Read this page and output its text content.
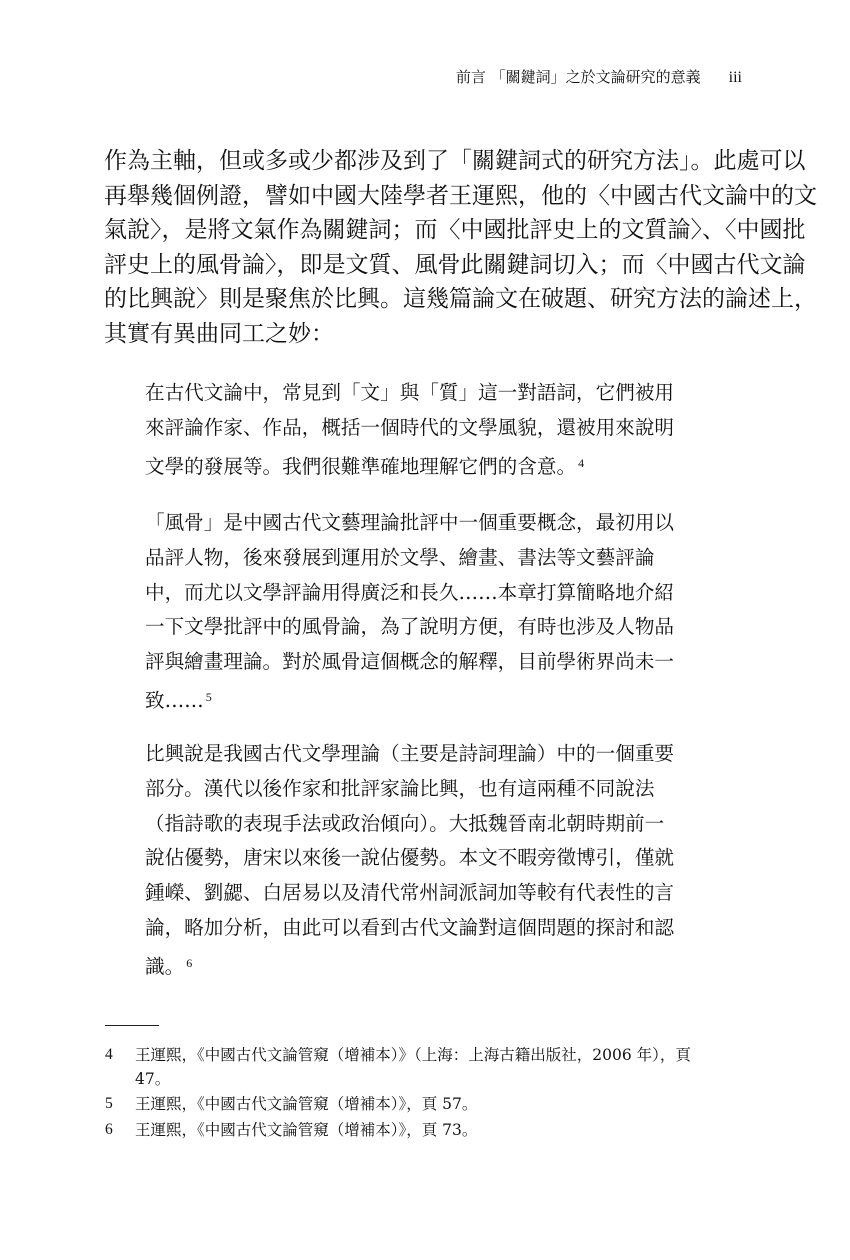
前言 「關鍵詞」之於文論研究的意義 iii
作為主軸，但或多或少都涉及到了「關鍵詞式的研究方法」。此處可以
再舉幾個例證，譬如中國大陸學者王運熙，他的〈中國古代文論中的文
氣說〉，是將文氣作為關鍵詞；而〈中國批評史上的文質論〉、〈中國批
評史上的風骨論〉，即是文質、風骨此關鍵詞切入；而〈中國古代文論
的比興說〉則是聚焦於比興。這幾篇論文在破題、研究方法的論述上，
其實有異曲同工之妙：
在古代文論中，常見到「文」與「質」這一對語詞，它們被用
來評論作家、作品，概括一個時代的文學風貌，還被用來說明
文學的發展等。我們很難準確地理解它們的含意。 $^4$
「風骨」是中國古代文藝理論批評中一個重要概念，最初用以
品評人物，後來發展到運用於文學、繪畫、書法等文藝評論
中，而尤以文學評論用得廣泛和長久……本章打算簡略地介紹
一下文學批評中的風骨論，為了說明方便，有時也涉及人物品
評與繪畫理論。對於風骨這個概念的解釋，目前學術界尚未一
致…… $^5$
比興說是我國古代文學理論（主要是詩詞理論）中的一個重要
部分。漢代以後作家和批評家論比興，也有這兩種不同說法
（指詩歌的表現手法或政治傾向）。大抵魏晉南北朝時期前一
說佔優勢，唐宋以來後一說佔優勢。本文不暇旁徵博引，僅就
鍾嶸、劉勰、白居易以及清代常州詞派詞加等較有代表性的言
論，略加分析，由此可以看到古代文論對這個問題的探討和認
識。 $^6$
4 王運熙，《中國古代文論管窺（增補本）》（上海：上海古籍出版社，2006 年），頁
47。
5 王運熙，《中國古代文論管窺（增補本）》，頁 57。
6 王運熙，《中國古代文論管窺（增補本）》，頁 73。
